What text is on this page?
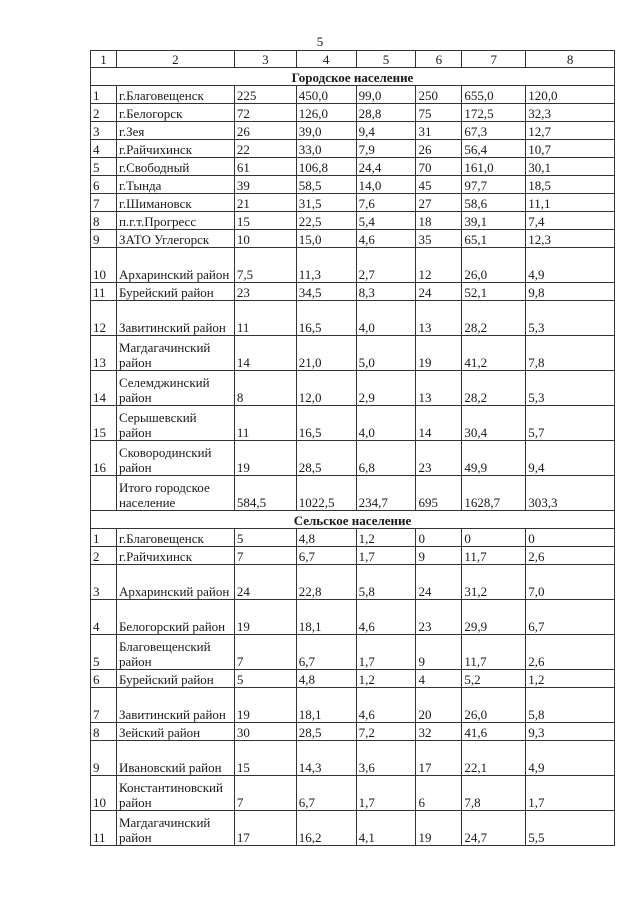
5
1	2	3	4	5	6	7	8
Городское население							
1	г.Благовещенск	225	450,0	99,0	250	655,0	120,0
2	г.Белогорск	72	126,0	28,8	75	172,5	32,3
3	г.Зея	26	39,0	9,4	31	67,3	12,7
4	г.Райчихинск	22	33,0	7,9	26	56,4	10,7
5	г.Свободный	61	106,8	24,4	70	161,0	30,1
6	г.Тында	39	58,5	14,0	45	97,7	18,5
7	г.Шимановск	21	31,5	7,6	27	58,6	11,1
8	п.г.т.Прогресс	15	22,5	5,4	18	39,1	7,4
9	ЗАТО Углегорск	10	15,0	4,6	35	65,1	12,3
10	Архаринский район	7,5	11,3	2,7	12	26,0	4,9
11	Бурейский район	23	34,5	8,3	24	52,1	9,8
12	Завитинский район	11	16,5	4,0	13	28,2	5,3
13	Магдагачинский район	14	21,0	5,0	19	41,2	7,8
14	Селемджинский район	8	12,0	2,9	13	28,2	5,3
15	Серышевский район	11	16,5	4,0	14	30,4	5,7
16	Сковородинский район	19	28,5	6,8	23	49,9	9,4
	Итого городское население	584,5	1022,5	234,7	695	1628,7	303,3
Сельское население							
1	г.Благовещенск	5	4,8	1,2	0	0	0
2	г.Райчихинск	7	6,7	1,7	9	11,7	2,6
3	Архаринский район	24	22,8	5,8	24	31,2	7,0
4	Белогорский район	19	18,1	4,6	23	29,9	6,7
5	Благовещенский район	7	6,7	1,7	9	11,7	2,6
6	Бурейский район	5	4,8	1,2	4	5,2	1,2
7	Завитинский район	19	18,1	4,6	20	26,0	5,8
8	Зейский район	30	28,5	7,2	32	41,6	9,3
9	Ивановский район	15	14,3	3,6	17	22,1	4,9
10	Константиновский район	7	6,7	1,7	6	7,8	1,7
11	Магдагачинский район	17	16,2	4,1	19	24,7	5,5
